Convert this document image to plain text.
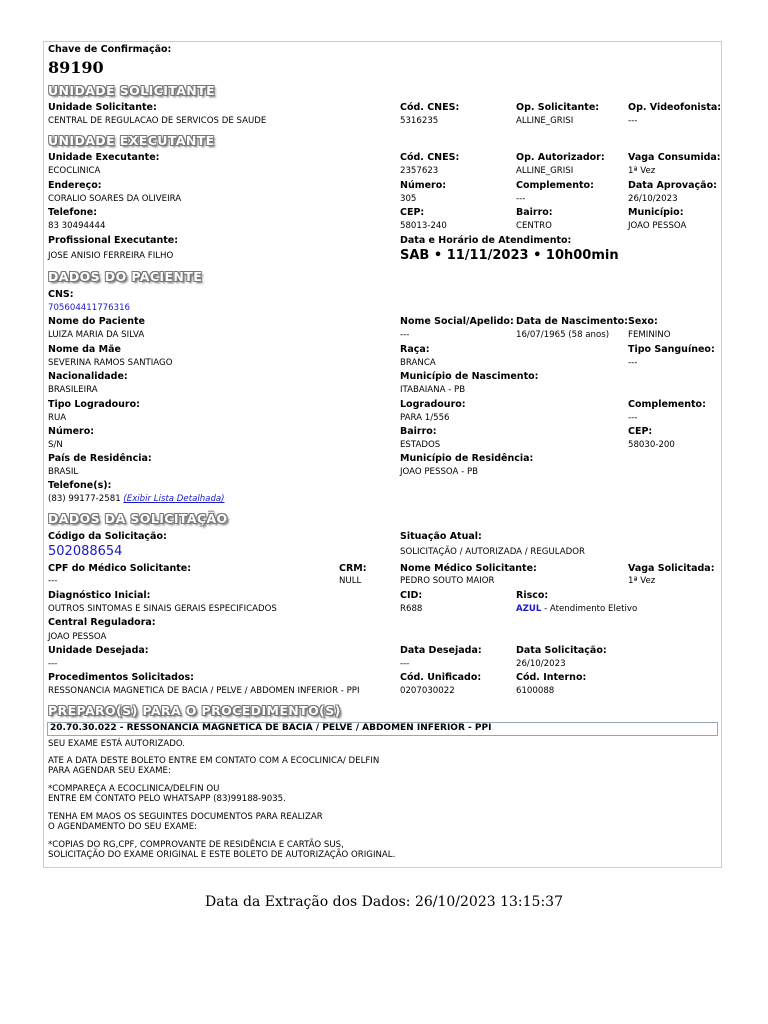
Chave de Confirmação:
89190
UNIDADE SOLICITANTE
Unidade Solicitante:
CENTRAL DE REGULACAO DE SERVICOS DE SAUDE
Cód. CNES:
5316235
Op. Solicitante:
ALLINE_GRISI
Op. Videofonista:
---
UNIDADE EXECUTANTE
Unidade Executante:
ECOCLINICA
Cód. CNES:
2357623
Op. Autorizador:
ALLINE_GRISI
Vaga Consumida:
1ª Vez
Endereço:
CORALIO SOARES DA OLIVEIRA
Número:
305
Complemento:
---
Data Aprovação:
26/10/2023
Telefone:
83 30494444
CEP:
58013-240
Bairro:
CENTRO
Município:
JOAO PESSOA
Profissional Executante:
JOSE ANISIO FERREIRA FILHO
Data e Horário de Atendimento:
SAB • 11/11/2023 • 10h00min
DADOS DO PACIENTE
CNS:
705604411776316
Nome do Paciente
LUIZA MARIA DA SILVA
Nome Social/Apelido:
---
Data de Nascimento:
16/07/1965 (58 anos)
Sexo:
FEMININO
Nome da Mãe
SEVERINA RAMOS SANTIAGO
Raça:
BRANCA
Tipo Sanguíneo:
---
Nacionalidade:
BRASILEIRA
Município de Nascimento:
ITABAIANA - PB
Tipo Logradouro:
RUA
Logradouro:
PARA 1/556
Complemento:
---
Número:
S/N
Bairro:
ESTADOS
CEP:
58030-200
País de Residência:
BRASIL
Município de Residência:
JOAO PESSOA - PB
Telefone(s):
(83) 99177-2581 (Exibir Lista Detalhada)
DADOS DA SOLICITAÇÃO
Código da Solicitação:
502088654
Situação Atual:
SOLICITAÇÃO / AUTORIZADA / REGULADOR
CPF do Médico Solicitante:
---
CRM:
NULL
Nome Médico Solicitante:
PEDRO SOUTO MAIOR
Vaga Solicitada:
1ª Vez
Diagnóstico Inicial:
OUTROS SINTOMAS E SINAIS GERAIS ESPECIFICADOS
CID:
R688
Risco:
AZUL - Atendimento Eletivo
Central Reguladora:
JOAO PESSOA
Unidade Desejada:
---
Data Desejada:
---
Data Solicitação:
26/10/2023
Procedimentos Solicitados:
RESSONANCIA MAGNETICA DE BACIA / PELVE / ABDOMEN INFERIOR - PPI
Cód. Unificado:
0207030022
Cód. Interno:
6100088
PREPARO(S) PARA O PROCEDIMENTO(S)
20.70.30.022 - RESSONANCIA MAGNETICA DE BACIA / PELVE / ABDOMEN INFERIOR - PPI
SEU EXAME ESTÁ AUTORIZADO.
ATE A DATA DESTE BOLETO ENTRE EM CONTATO COM A ECOCLINICA/ DELFIN
PARA AGENDAR SEU EXAME:
*COMPAREÇA A ECOCLINICA/DELFIN OU
ENTRE EM CONTATO PELO WHATSAPP (83)99188-9035.
TENHA EM MAOS OS SEGUINTES DOCUMENTOS PARA REALIZAR
O AGENDAMENTO DO SEU EXAME:
*COPIAS DO RG,CPF, COMPROVANTE DE RESIDÊNCIA E CARTÃO SUS,
SOLICITAÇÃO DO EXAME ORIGINAL E ESTE BOLETO DE AUTORIZAÇÃO ORIGINAL.
Data da Extração dos Dados: 26/10/2023 13:15:37
